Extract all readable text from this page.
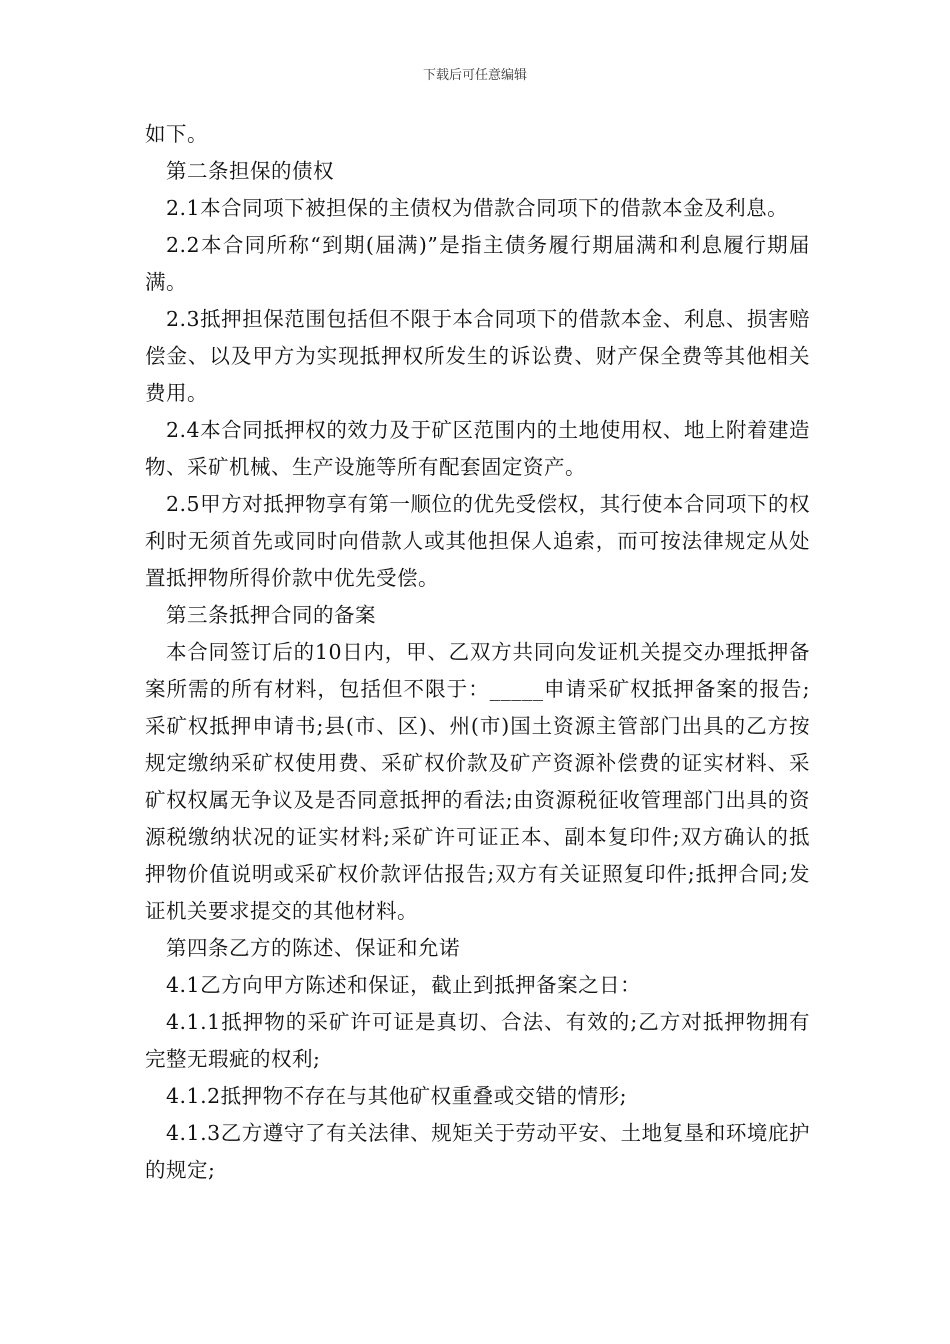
下载后可任意编辑

如下。

第二条担保的债权

2.1本合同项下被担保的主债权为借款合同项下的借款本金及利息。

2.2本合同所称“到期(届满)”是指主债务履行期届满和利息履行期届满。

2.3抵押担保范围包括但不限于本合同项下的借款本金、利息、损害赔偿金、以及甲方为实现抵押权所发生的诉讼费、财产保全费等其他相关费用。

2.4本合同抵押权的效力及于矿区范围内的土地使用权、地上附着建造物、采矿机械、生产设施等所有配套固定资产。

2.5甲方对抵押物享有第一顺位的优先受偿权，其行使本合同项下的权利时无须首先或同时向借款人或其他担保人追索，而可按法律规定从处置抵押物所得价款中优先受偿。

第三条抵押合同的备案

本合同签订后的10日内，甲、乙双方共同向发证机关提交办理抵押备案所需的所有材料，包括但不限于：_____申请采矿权抵押备案的报告;采矿权抵押申请书;县(市、区)、州(市)国土资源主管部门出具的乙方按规定缴纳采矿权使用费、采矿权价款及矿产资源补偿费的证实材料、采矿权权属无争议及是否同意抵押的看法;由资源税征收管理部门出具的资源税缴纳状况的证实材料;采矿许可证正本、副本复印件;双方确认的抵押物价值说明或采矿权价款评估报告;双方有关证照复印件;抵押合同;发证机关要求提交的其他材料。

第四条乙方的陈述、保证和允诺

4.1乙方向甲方陈述和保证，截止到抵押备案之日：

4.1.1抵押物的采矿许可证是真切、合法、有效的;乙方对抵押物拥有完整无瑕疵的权利;

4.1.2抵押物不存在与其他矿权重叠或交错的情形;

4.1.3乙方遵守了有关法律、规矩关于劳动平安、土地复垦和环境庇护的规定;
